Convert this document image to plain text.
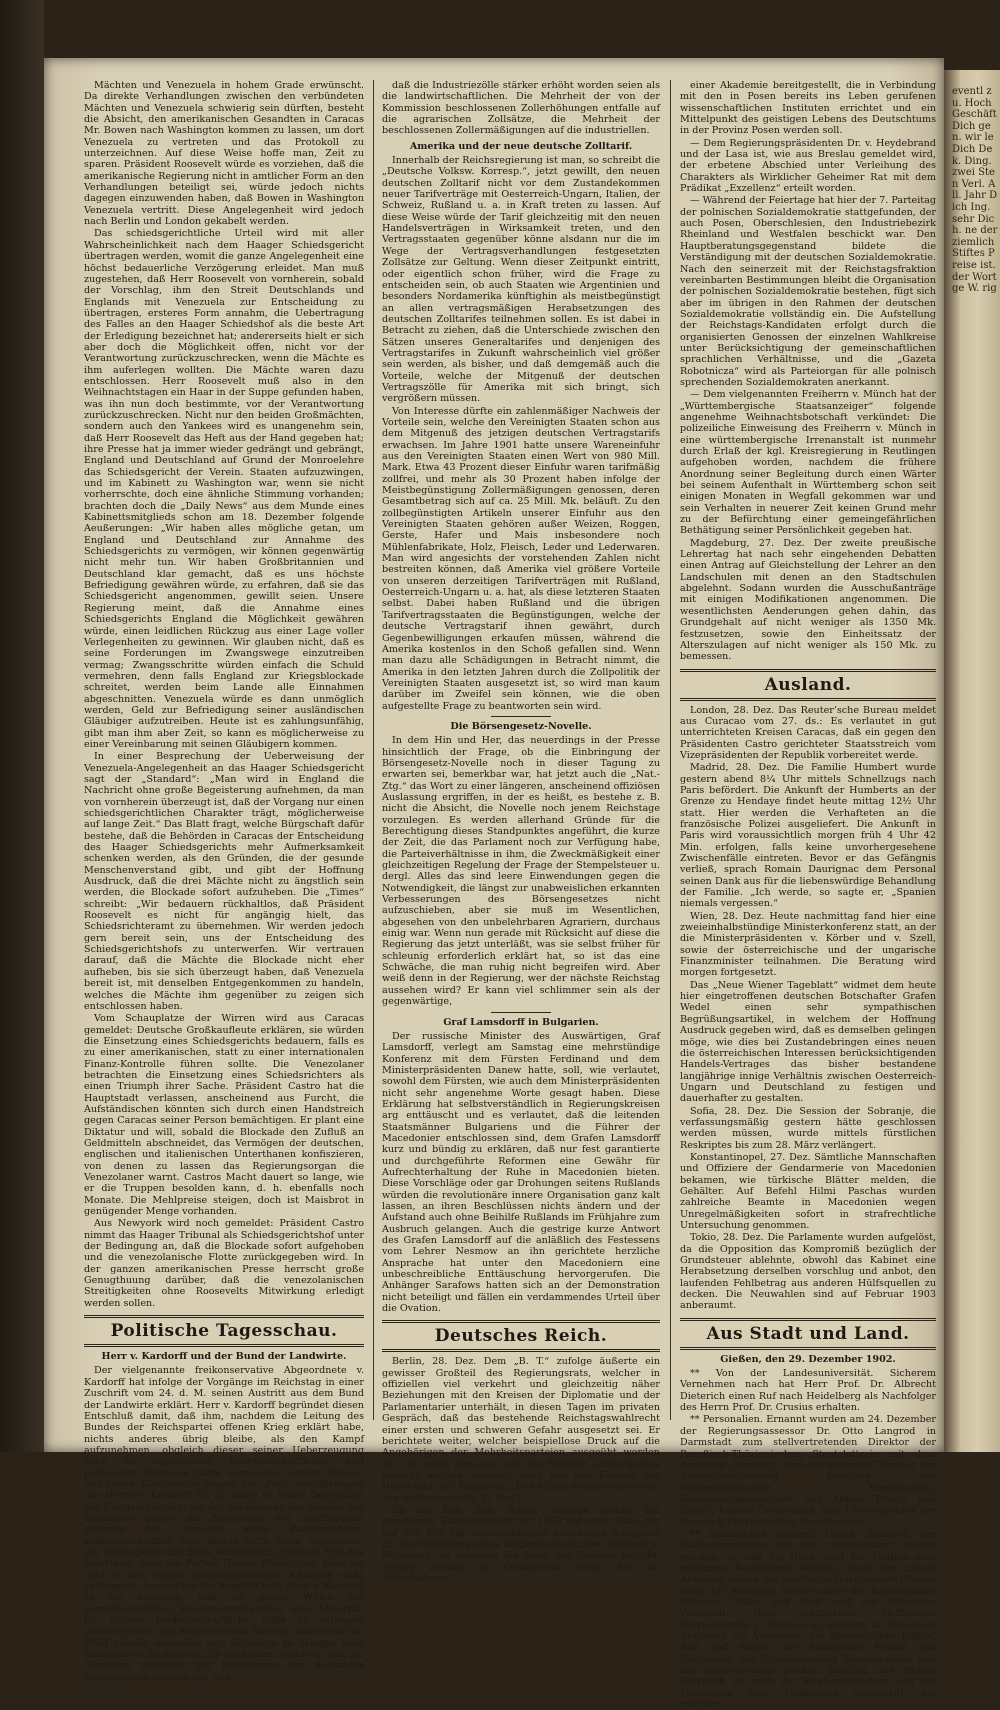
Mächten und Venezuela in hohem Grade erwünscht. Da direkte Verhandlungen zwischen den verbündeten Mächten und Venezuela schwierig sein dürften, besteht die Absicht, den amerikanischen Gesandten in Caracas Mr. Bowen nach Washington kommen zu lassen, um dort Venezuela zu vertreten und das Protokoll zu unterzeichnen. Auf diese Weise hoffe man, Zeit zu sparen. Präsident Roosevelt würde es vorziehen, daß die amerikanische Regierung nicht in amtlicher Form an den Verhandlungen beteiligt sei, würde jedoch nichts dagegen einzuwenden haben, daß Bowen in Washington Venezuela vertritt. Diese Angelegenheit wird jedoch nach Berlin und London gekabelt werden.

Das schiedsgerichtliche Urteil wird mit aller Wahrscheinlichkeit nach dem Haager Schiedsgericht übertragen werden, womit die ganze Angelegenheit eine höchst bedauerliche Verzögerung erleidet. Man muß zugestehen, daß Herr Roosevelt von vornherein, sobald der Vorschlag, ihm den Streit Deutschlands und Englands mit Venezuela zur Entscheidung zu übertragen, ersteres Form annahm, die Uebertragung des Falles an den Haager Schiedshof als die beste Art der Erledigung bezeichnet hat; andererseits hielt er sich aber doch die Möglichkeit offen, nicht vor der Verantwortung zurückzuschrecken, wenn die Mächte es ihm auferlegen wollten. Die Mächte waren dazu entschlossen. Herr Roosevelt muß also in den Weihnachtstagen ein Haar in der Suppe gefunden haben, was ihn nun doch bestimmte, vor der Verantwortung zurückzuschrecken. Nicht nur den beiden Großmächten, sondern auch den Yankees wird es unangenehm sein, daß Herr Roosevelt das Heft aus der Hand gegeben hat; ihre Presse hat ja immer wieder gedrängt und gebrängt, England und Deutschland auf Grund der Monroelehre das Schiedsgericht der Verein. Staaten aufzuzwingen, und im Kabinett zu Washington war, wenn sie nicht vorherrschte, doch eine ähnliche Stimmung vorhanden; brachten doch die „Daily News“ aus dem Munde eines Kabinettsmitglieds schon am 18. Dezember folgende Aeußerungen: „Wir haben alles mögliche getan, um England und Deutschland zur Annahme des Schiedsgerichts zu vermögen, wir können gegenwärtig nicht mehr tun. Wir haben Großbritannien und Deutschland klar gemacht, daß es uns höchste Befriedigung gewähren würde, zu erfahren, daß sie das Schiedsgericht angenommen, gewillt seien. Unsere Regierung meint, daß die Annahme eines Schiedsgerichts England die Möglichkeit gewähren würde, einen leidlichen Rückzug aus einer Lage voller Verlegenheiten zu gewinnen. Wir glauben nicht, daß es seine Forderungen im Zwangswege einzutreiben vermag; Zwangsschritte würden einfach die Schuld vermehren, denn falls England zur Kriegsblockade schreitet, werden beim Lande alle Einnahmen abgeschnitten. Venezuela würde es dann unmöglich werden, Geld zur Befriedigung seiner ausländischen Gläubiger aufzutreiben. Heute ist es zahlungsunfähig, gibt man ihm aber Zeit, so kann es möglicherweise zu einer Vereinbarung mit seinen Gläubigern kommen.

In einer Besprechung der Ueberweisung der Venezuela-Angelegenheit an das Haager Schiedsgericht sagt der „Standard“: „Man wird in England die Nachricht ohne große Begeisterung aufnehmen, da man von vornherein überzeugt ist, daß der Vorgang nur einen schiedsgerichtlichen Charakter trägt, möglicherweise auf lange Zeit.“ Das Blatt fragt, welche Bürgschaft dafür bestehe, daß die Behörden in Caracas der Entscheidung des Haager Schiedsgerichts mehr Aufmerksamkeit schenken werden, als den Gründen, die der gesunde Menschenverstand gibt, und gibt der Hoffnung Ausdruck, daß die drei Mächte nicht zu ängstlich sein werden, die Blockade sofort aufzuheben. Die „Times“ schreibt: „Wir bedauern rückhaltlos, daß Präsident Roosevelt es nicht für angängig hielt, das Schiedsrichteramt zu übernehmen. Wir werden jedoch gern bereit sein, uns der Entscheidung des Schiedsgerichtshofs zu unterwerfen. Wir vertrauen darauf, daß die Mächte die Blockade nicht eher aufheben, bis sie sich überzeugt haben, daß Venezuela bereit ist, mit denselben Entgegenkommen zu handeln, welches die Mächte ihm gegenüber zu zeigen sich entschlossen haben.

Vom Schauplatze der Wirren wird aus Caracas gemeldet: Deutsche Großkaufleute erklären, sie würden die Einsetzung eines Schiedsgerichts bedauern, falls es zu einer amerikanischen, statt zu einer internationalen Finanz-Kontrolle führen sollte. Die Venezolaner betrachten die Einsetzung eines Schiedsrichters als einen Triumph ihrer Sache. Präsident Castro hat die Hauptstadt verlassen, anscheinend aus Furcht, die Aufständischen könnten sich durch einen Handstreich gegen Caracas seiner Person bemächtigen. Er plant eine Diktatur und will, sobald die Blockade den Zufluß an Geldmitteln abschneidet, das Vermögen der deutschen, englischen und italienischen Unterthanen konfiszieren, von denen zu lassen das Regierungsorgan die Venezolaner warnt. Castros Macht dauert so lange, wie er die Truppen besolden kann, d. h. ebenfalls noch Monate. Die Mehlpreise steigen, doch ist Maisbrot in genügender Menge vorhanden.

Aus Newyork wird noch gemeldet: Präsident Castro nimmt das Haager Tribunal als Schiedsgerichtshof unter der Bedingung an, daß die Blockade sofort aufgehoben und die venezolanische Flotte zurückgegeben wird. In der ganzen amerikanischen Presse herrscht große Genugthuung darüber, daß die venezolanischen Streitigkeiten ohne Roosevelts Mitwirkung erledigt werden sollen.

Politische Tagesschau.

Herr v. Kardorff und der Bund der Landwirte.

Der vielgenannte freikonservative Abgeordnete v. Kardorff hat infolge der Vorgänge im Reichstag in einer Zuschrift vom 24. d. M. seinen Austritt aus dem Bund der Landwirte erklärt. Herr v. Kardorff begründet diesen Entschluß damit, daß ihm, nachdem die Leitung des Bundes der Reichspartei offenen Krieg erklärt habe, nichts anderes übrig bleibe, als den Kampf aufzunehmen, obgleich dieser seiner Ueberzeugung nach im allgemeinen, landwirtschaftlichen und politischen Interesse hätte vermieden werden können und sollen. Gleichzeitig gingen der „Post“ Ausführungen des Herrn v. Kardorff zu, in denen es heißt: Gegenüber der Kriegserklärung, die der Vorsitzende des Bundes der Landwirte gegen die Mitglieder der Reichspartei erlassen hat, konnten seine Parteigenossen selbstverständlich dem Bunde nicht mehr angehören. Die Reichspartei hat ihren Wahlspruch erhalten: Erst das Vaterland, dann die Partei! Diesen Wahlspruch habe sie auch in den letzten parlamentarischen Kämpfen nicht verleugnet. Angesichts der Angriffe hielt Herr v. Kardorff es für unrichtig, daß sie gutem Willen der agrarfreundlichen Reichstagsmitglieder eine Majorität für höhere landwirtschaftliche Zölle zu erlangen gewesen wäre. Die konservativen Parteien hätten nur die Wahl gehabt, entweder zum Scheitern zu bringen oder Erlangbares zu nehmen. Es sei ferner unrichtig, daß die Gärtnerei schutzlos der Konkurrenz des Auslandes preisgegeben worden sei, und

daß die Industriezölle stärker erhöht worden seien als die landwirtschaftlichen. Die Mehrheit der von der Kommission beschlossenen Zollerhöhungen entfalle auf die agrarischen Zollsätze, die Mehrheit der beschlossenen Zollermäßigungen auf die industriellen.

Amerika und der neue deutsche Zolltarif.

Innerhalb der Reichsregierung ist man, so schreibt die „Deutsche Volksw. Korresp.“, jetzt gewillt, den neuen deutschen Zolltarif nicht vor dem Zustandekommen neuer Tarifverträge mit Oesterreich-Ungarn, Italien, der Schweiz, Rußland u. a. in Kraft treten zu lassen. Auf diese Weise würde der Tarif gleichzeitig mit den neuen Handelsverträgen in Wirksamkeit treten, und den Vertragsstaaten gegenüber könne alsdann nur die im Wege der Vertragsverhandlungen festgesetzten Zollsätze zur Geltung. Wenn dieser Zeitpunkt eintritt, oder eigentlich schon früher, wird die Frage zu entscheiden sein, ob auch Staaten wie Argentinien und besonders Nordamerika künftighin als meistbegünstigt an allen vertragsmäßigen Herabsetzungen des deutschen Zolltarifes teilnehmen sollen. Es ist dabei in Betracht zu ziehen, daß die Unterschiede zwischen den Sätzen unseres Generaltarifes und denjenigen des Vertragstarifes in Zukunft wahrscheinlich viel größer sein werden, als bisher, und daß demgemäß auch die Vorteile, welche der Mitgenuß der deutschen Vertragszölle für Amerika mit sich bringt, sich vergrößern müssen.

Von Interesse dürfte ein zahlenmäßiger Nachweis der Vorteile sein, welche den Vereinigten Staaten schon aus dem Mitgenuß des jetzigen deutschen Vertragstarifs erwachsen. Im Jahre 1901 hatte unsere Wareneinfuhr aus den Vereinigten Staaten einen Wert von 980 Mill. Mark. Etwa 43 Prozent dieser Einfuhr waren tarifmäßig zollfrei, und mehr als 30 Prozent haben infolge der Meistbegünstigung Zollermäßigungen genossen, deren Gesamtbetrag sich auf ca. 25 Mill. Mk. beläuft. Zu den zollbegünstigten Artikeln unserer Einfuhr aus den Vereinigten Staaten gehören außer Weizen, Roggen, Gerste, Hafer und Mais insbesondere noch Mühlenfabrikate, Holz, Fleisch, Leder und Lederwaren. Man wird angesichts der vorstehenden Zahlen nicht bestreiten können, daß Amerika viel größere Vorteile von unseren derzeitigen Tarifverträgen mit Rußland, Oesterreich-Ungarn u. a. hat, als diese letzteren Staaten selbst. Dabei haben Rußland und die übrigen Tarifvertragsstaaten die Begünstigungen, welche der deutsche Vertragstarif ihnen gewährt, durch Gegenbewilligungen erkaufen müssen, während die Amerika kostenlos in den Schoß gefallen sind. Wenn man dazu alle Schädigungen in Betracht nimmt, die Amerika in den letzten Jahren durch die Zollpolitik der Vereinigten Staaten ausgesetzt ist, so wird man kaum darüber im Zweifel sein können, wie die oben aufgestellte Frage zu beantworten sein wird.

Die Börsengesetz-Novelle.

In dem Hin und Her, das neuerdings in der Presse hinsichtlich der Frage, ob die Einbringung der Börsengesetz-Novelle noch in dieser Tagung zu erwarten sei, bemerkbar war, hat jetzt auch die „Nat.-Ztg.“ das Wort zu einer längeren, anscheinend offiziösen Auslassung ergriffen, in der es heißt, es bestehe z. B. nicht die Absicht, die Novelle noch jenem Reichstage vorzulegen. Es werden allerhand Gründe für die Berechtigung dieses Standpunktes angeführt, die kurze der Zeit, die das Parlament noch zur Verfügung habe, die Parteiverhältnisse in ihm, die Zweckmäßigkeit einer gleichzeitigen Regelung der Frage der Stempelsteuer u. dergl. Alles das sind leere Einwendungen gegen die Notwendigkeit, die längst zur unabweislichen erkannten Verbesserungen des Börsengesetzes nicht aufzuschieben, aber sie muß im Wesentlichen, abgesehen von den unbelehrbaren Agrariern, durchaus einig war. Wenn nun gerade mit Rücksicht auf diese die Regierung das jetzt unterläßt, was sie selbst früher für schleunig erforderlich erklärt hat, so ist das eine Schwäche, die man ruhig nicht begreifen wird. Aber weiß denn in der Regierung, wer der nächste Reichstag aussehen wird? Er kann viel schlimmer sein als der gegenwärtige,

Graf Lamsdorff in Bulgarien.

Der russische Minister des Auswärtigen, Graf Lamsdorff, verlegt am Samstag eine mehrstündige Konferenz mit dem Fürsten Ferdinand und dem Ministerpräsidenten Danew hatte, soll, wie verlautet, sowohl dem Fürsten, wie auch dem Ministerpräsidenten nicht sehr angenehme Worte gesagt haben. Diese Erklärung hat selbstverständlich in Regierungskreisen arg enttäuscht und es verlautet, daß die leitenden Staatsmänner Bulgariens und die Führer der Macedonier entschlossen sind, dem Grafen Lamsdorff kurz und bündig zu erklären, daß nur fest garantierte und durchgeführte Reformen eine Gewähr für Aufrechterhaltung der Ruhe in Macedonien bieten. Diese Vorschläge oder gar Drohungen seitens Rußlands würden die revolutionäre innere Organisation ganz kalt lassen, an ihren Beschlüssen nichts ändern und der Aufstand auch ohne Beihilfe Rußlands im Frühjahre zum Ausbruch gelangen. Auch die gestrige kurze Antwort des Grafen Lamsdorff auf die anläßlich des Festessens vom Lehrer Nesmow an ihn gerichtete herzliche Ansprache hat unter den Macedoniern eine unbeschreibliche Enttäuschung hervorgerufen. Die Anhänger Sarafows hatten sich an der Demonstration nicht beteiligt und fällen ein verdammendes Urteil über die Ovation.

Deutsches Reich.

Berlin, 28. Dez. Dem „B. T.“ zufolge äußerte ein gewisser Großteil des Regierungsrats, welcher in offiziellen viel verkehrt und gleichzeitig näher Beziehungen mit den Kreisen der Diplomatie und der Parlamentarier unterhält, in diesen Tagen im privaten Gespräch, daß das bestehende Reichstagswahlrecht einer ersten und schweren Gefahr ausgesetzt sei. Er berichtete weiter, welcher beispiellose Druck auf die Angehörigen der Mehrheitsparteien ausgeübt worden sei, der nicht etwa nur auf den Parteien selbst heraus bewirkt worden, sondern auch aus den Kreisen des Hofes und der Regierung. Das Klingt ebenso mysteriös, wie unglaubwürdig. D. Red.)

Zu den Beit. Poit. Nachr.“ zufolge enthält der preußische Staatshaushalt für 1903 die erste Rate der auf 900 000 Mk. veranschlagten einmaligen Ausgaben für die Errichtung eines landwirtschaftlichen Instituts in Bromberg, zu welchem die Stadt das Gelände hergibt. Ferner werden im Ordinarium Mittel für die Unterhaltung

einer Akademie bereitgestellt, die in Verbindung mit den in Posen bereits ins Leben gerufenen wissenschaftlichen Instituten errichtet und ein Mittelpunkt des geistigen Lebens des Deutschtums in der Provinz Posen werden soll.

— Dem Regierungspräsidenten Dr. v. Heydebrand und der Lasa ist, wie aus Breslau gemeldet wird, der erbetene Abschied unter Verleihung des Charakters als Wirklicher Geheimer Rat mit dem Prädikat „Exzellenz“ erteilt worden.

— Während der Feiertage hat hier der 7. Parteitag der polnischen Sozialdemokratie stattgefunden, der auch Posen, Oberschlesien, den Industriebezirk Rheinland und Westfalen beschickt war. Den Hauptberatungsgegenstand bildete die Verständigung mit der deutschen Sozialdemokratie. Nach den seinerzeit mit der Reichstagsfraktion vereinbarten Bestimmungen bleibt die Organisation der polnischen Sozialdemokratie bestehen, fügt sich aber im übrigen in den Rahmen der deutschen Sozialdemokratie vollständig ein. Die Aufstellung der Reichstags-Kandidaten erfolgt durch die organisierten Genossen der einzelnen Wahlkreise unter Berücksichtigung der gemeinschaftlichen sprachlichen Verhältnisse, und die „Gazeta Robotnicza“ wird als Parteiorgan für alle polnisch sprechenden Sozialdemokraten anerkannt.

— Dem vielgenannten Freiherrn v. Münch hat der „Württembergische Staatsanzeiger“ folgende angenehme Weihnachtsbotschaft verkündet: Die polizeiliche Einweisung des Freiherrn v. Münch in eine württembergische Irrenanstalt ist nunmehr durch Erlaß der kgl. Kreisregierung in Reutlingen aufgehoben worden, nachdem die frühere Anordnung seiner Begleitung durch einen Wärter bei seinem Aufenthalt in Württemberg schon seit einigen Monaten in Wegfall gekommen war und sein Verhalten in neuerer Zeit keinen Grund mehr zu der Befürchtung einer gemeingefährlichen Bethätigung seiner Persönlichkeit gegeben hat.

Magdeburg, 27. Dez. Der zweite preußische Lehrertag hat nach sehr eingehenden Debatten einen Antrag auf Gleichstellung der Lehrer an den Landschulen mit denen an den Stadtschulen abgelehnt. Sodann wurden die Ausschußanträge mit einigen Modifikationen angenommen. Die wesentlichsten Aenderungen gehen dahin, das Grundgehalt auf nicht weniger als 1350 Mk. festzusetzen, sowie den Einheitssatz der Alterszulagen auf nicht weniger als 150 Mk. zu bemessen.

Ausland.

London, 28. Dez. Das Reuter’sche Bureau meldet aus Curacao vom 27. ds.: Es verlautet in gut unterrichteten Kreisen Caracas, daß ein gegen den Präsidenten Castro gerichteter Staatsstreich vom Vizepräsidenten der Republik vorbereitet werde.

Madrid, 28. Dez. Die Familie Humbert wurde gestern abend 8¼ Uhr mittels Schnellzugs nach Paris befördert. Die Ankunft der Humberts an der Grenze zu Hendaye findet heute mittag 12½ Uhr statt. Hier werden die Verhafteten an die französische Polizei ausgeliefert. Die Ankunft in Paris wird voraussichtlich morgen früh 4 Uhr 42 Min. erfolgen, falls keine unvorhergesehene Zwischenfälle eintreten. Bevor er das Gefängnis verließ, sprach Romain Daurignac dem Personal seinen Dank aus für die liebenswürdige Behandlung der Familie. „Ich werde, so sagte er, „Spanien niemals vergessen.“

Wien, 28. Dez. Heute nachmittag fand hier eine zweieinhalbstündige Ministerkonferenz statt, an der die Ministerpräsidenten v. Körber und v. Szell, sowie der österreichische und der ungarische Finanzminister teilnahmen. Die Beratung wird morgen fortgesetzt.

Das „Neue Wiener Tageblatt“ widmet dem heute hier eingetroffenen deutschen Botschafter Grafen Wedel einen sehr sympathischen Begrüßungsartikel, in welchem der Hoffnung Ausdruck gegeben wird, daß es demselben gelingen möge, wie dies bei Zustandebringen eines neuen die österreichischen Interessen berücksichtigenden Handels-Vertrages das bisher bestandene langjährige innige Verhältnis zwischen Oesterreich-Ungarn und Deutschland zu festigen und dauerhafter zu gestalten.

Sofia, 28. Dez. Die Session der Sobranje, die verfassungsmäßig gestern hätte geschlossen werden müssen, wurde mittels fürstlichen Reskriptes bis zum 28. März verlängert.

Konstantinopel, 27. Dez. Sämtliche Mannschaften und Offiziere der Gendarmerie von Macedonien bekamen, wie türkische Blätter melden, die Gehälter. Auf Befehl Hilmi Paschas wurden zahlreiche Beamte in Macedonien wegen Unregelmäßigkeiten sofort in strafrechtliche Untersuchung genommen.

Tokio, 28. Dez. Die Parlamente wurden aufgelöst, da die Opposition das Kompromiß bezüglich der Grundsteuer ablehnte, obwohl das Kabinet eine Herabsetzung derselben vorschlug und anbot, den laufenden Fehlbetrag aus anderen Hülfsquellen zu decken. Die Neuwahlen sind auf Februar 1903 anberaumt.

Aus Stadt und Land.

Gießen, den 29. Dezember 1902.

** Von der Landesuniversität. Sicherem Vernehmen nach hat Herr Prof. Dr. Albrecht Dieterich einen Ruf nach Heidelberg als Nachfolger des Herrn Prof. Dr. Crusius erhalten.

** Personalien. Ernannt wurden am 24. Dezember der Regierungsassessor Dr. Otto Langrod in Darmstadt zum stellvertretenden Direktor der Preußisch-Thüringischen Staatslotterie mit dem Amtstitel „Direktor“, und der bisherige Direktor der Zweigniederlassung Duisburg der Niederrheinischen Kreditanstalt, Kommanditgesellschaft auf Aktien Peters und Comp., Konrad Graumanns, zum Oberinspektor der Hessisch-Thüringischen Staatslotterie.

** Städtisches Bauamt. Durch Beschluß der Stadtverordneten ist das Stadtbauamt geteilt worden, so daß für Hoch- und für Tiefbau eine getrennte Baubehörde besteht. Nach dem neuen Abschluß bilden das städtische Hochbauamt (Neuen Bäue 43) Architekt Gerbel sowie die Bautechniker Altvater, Grabe und Wolf und der Schreiber Weinandt. Dem städtischen Tiefbauamt (Gartenstraße 2, Zimmer 6) gehören an Ingenieur Braubach als Vorsteher, die Bautechniker Köhler, Roß und Pairan, die Baumeister Mickel und Gengnagel, der Straßenmeister Bommersheim und die Straßenwärter Becker, Kreiling und Weller. Hiernach ist auch die Straßenreinigung und die Müllabfuhr dem Tiefbauamt unterstellt, bei welchem

eventl zu. Hoch Geschäft Dich gen. wir le Dich Dek. Ding. zwei Sten Verl. All. Jahr Dich Ing. sehr Dich. ne der ziemlich Stiftes Preise ist. der Wort ge W. rig
